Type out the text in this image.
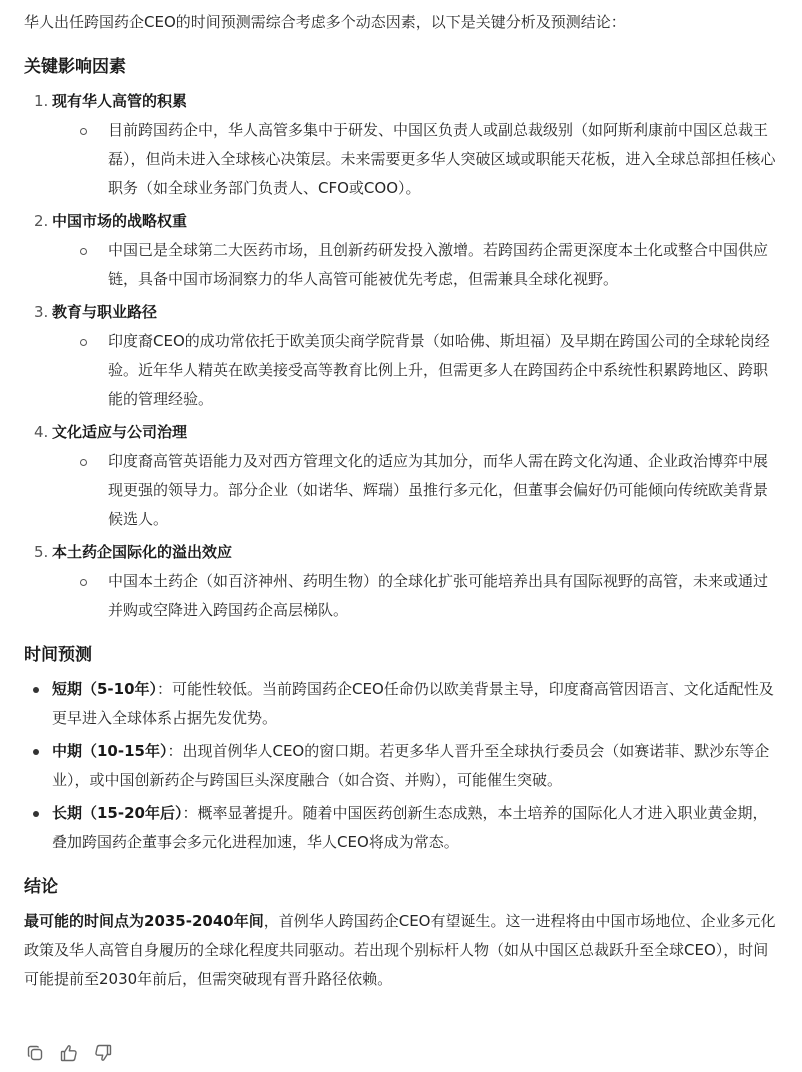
华人出任跨国药企CEO的时间预测需综合考虑多个动态因素，以下是关键分析及预测结论：

关键影响因素
1. 现有华人高管的积累
目前跨国药企中，华人高管多集中于研发、中国区负责人或副总裁级别（如阿斯利康前中国区总裁王磊），但尚未进入全球核心决策层。未来需要更多华人突破区域或职能天花板，进入全球总部担任核心职务（如全球业务部门负责人、CFO或COO）。
2. 中国市场的战略权重
中国已是全球第二大医药市场，且创新药研发投入激增。若跨国药企需更深度本土化或整合中国供应链，具备中国市场洞察力的华人高管可能被优先考虑，但需兼具全球化视野。
3. 教育与职业路径
印度裔CEO的成功常依托于欧美顶尖商学院背景（如哈佛、斯坦福）及早期在跨国公司的全球轮岗经验。近年华人精英在欧美接受高等教育比例上升，但需更多人在跨国药企中系统性积累跨地区、跨职能的管理经验。
4. 文化适应与公司治理
印度裔高管英语能力及对西方管理文化的适应为其加分，而华人需在跨文化沟通、企业政治博弈中展现更强的领导力。部分企业（如诺华、辉瑞）虽推行多元化，但董事会偏好仍可能倾向传统欧美背景候选人。
5. 本土药企国际化的溢出效应
中国本土药企（如百济神州、药明生物）的全球化扩张可能培养出具有国际视野的高管，未来或通过并购或空降进入跨国药企高层梯队。
时间预测
短期（5-10年）：可能性较低。当前跨国药企CEO任命仍以欧美背景主导，印度裔高管因语言、文化适配性及更早进入全球体系占据先发优势。
中期（10-15年）：出现首例华人CEO的窗口期。若更多华人晋升至全球执行委员会（如赛诺菲、默沙东等企业），或中国创新药企与跨国巨头深度融合（如合资、并购），可能催生突破。
长期（15-20年后）：概率显著提升。随着中国医药创新生态成熟，本土培养的国际化人才进入职业黄金期，叠加跨国药企董事会多元化进程加速，华人CEO将成为常态。
结论

最可能的时间点为2035-2040年间，首例华人跨国药企CEO有望诞生。这一进程将由中国市场地位、企业多元化政策及华人高管自身履历的全球化程度共同驱动。若出现个别标杆人物（如从中国区总裁跃升至全球CEO），时间可能提前至2030年前后，但需突破现有晋升路径依赖。
